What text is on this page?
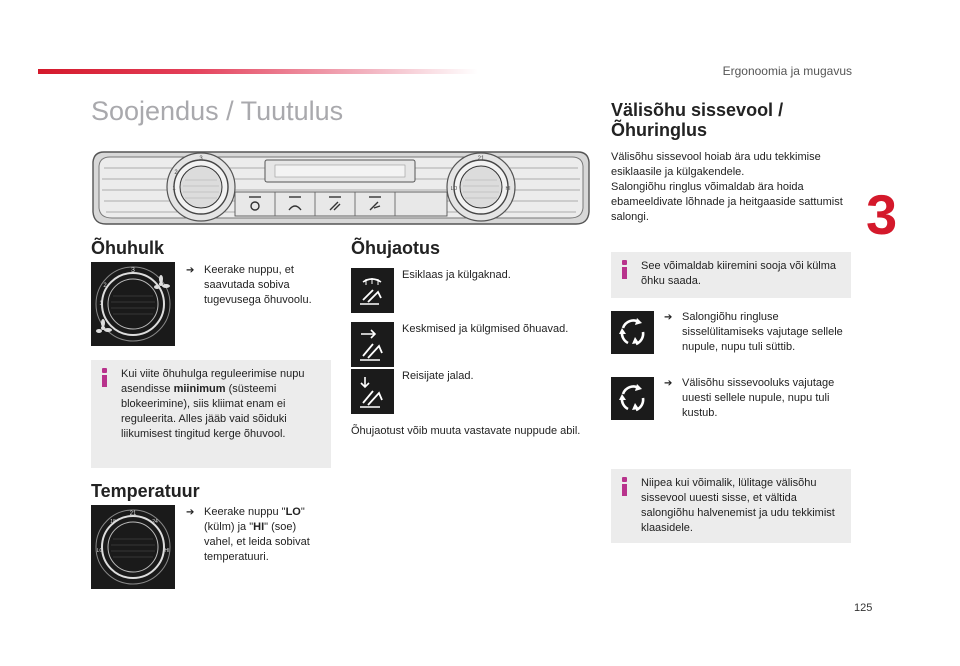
Ergonoomia ja mugavus
3
125
Soojendus / Tuutulus
3
2
1
21
LO	HI
Õhuhulk
3
2
1
➔ Keerake nuppu, et saavutada sobiva tugevusega õhuvoolu.
Kui viite õhuhulga reguleerimise nupu asendisse miinimum (süsteemi blokeerimine), siis kliimat enam ei reguleerita. Alles jääb vaid sõiduki liikumisest tingitud kerge õhuvool.
Temperatuur
21
18	24
LO	HI
➔ Keerake nuppu "LO" (külm) ja "HI" (soe) vahel, et leida sobivat temperatuuri.
Õhujaotus
Esiklaas ja külgaknad.
Keskmised ja külgmised õhuavad.
Reisijate jalad.
Õhujaotust võib muuta vastavate nuppude abil.
Välisõhu sissevool /
Õhuringlus
Välisõhu sissevool hoiab ära udu tekkimise esiklaasile ja külgakendele.
Salongiõhu ringlus võimaldab ära hoida ebameeldivate lõhnade ja heitgaaside sattumist salongi.
See võimaldab kiiremini sooja või külma õhku saada.
➔ Salongiõhu ringluse sisselülitamiseks vajutage sellele nupule, nupu tuli süttib.
➔ Välisõhu sissevooluks vajutage uuesti sellele nupule, nupu tuli kustub.
Niipea kui võimalik, lülitage välisõhu sissevool uuesti sisse, et vältida salongiõhu halvenemist ja udu tekkimist klaasidele.
